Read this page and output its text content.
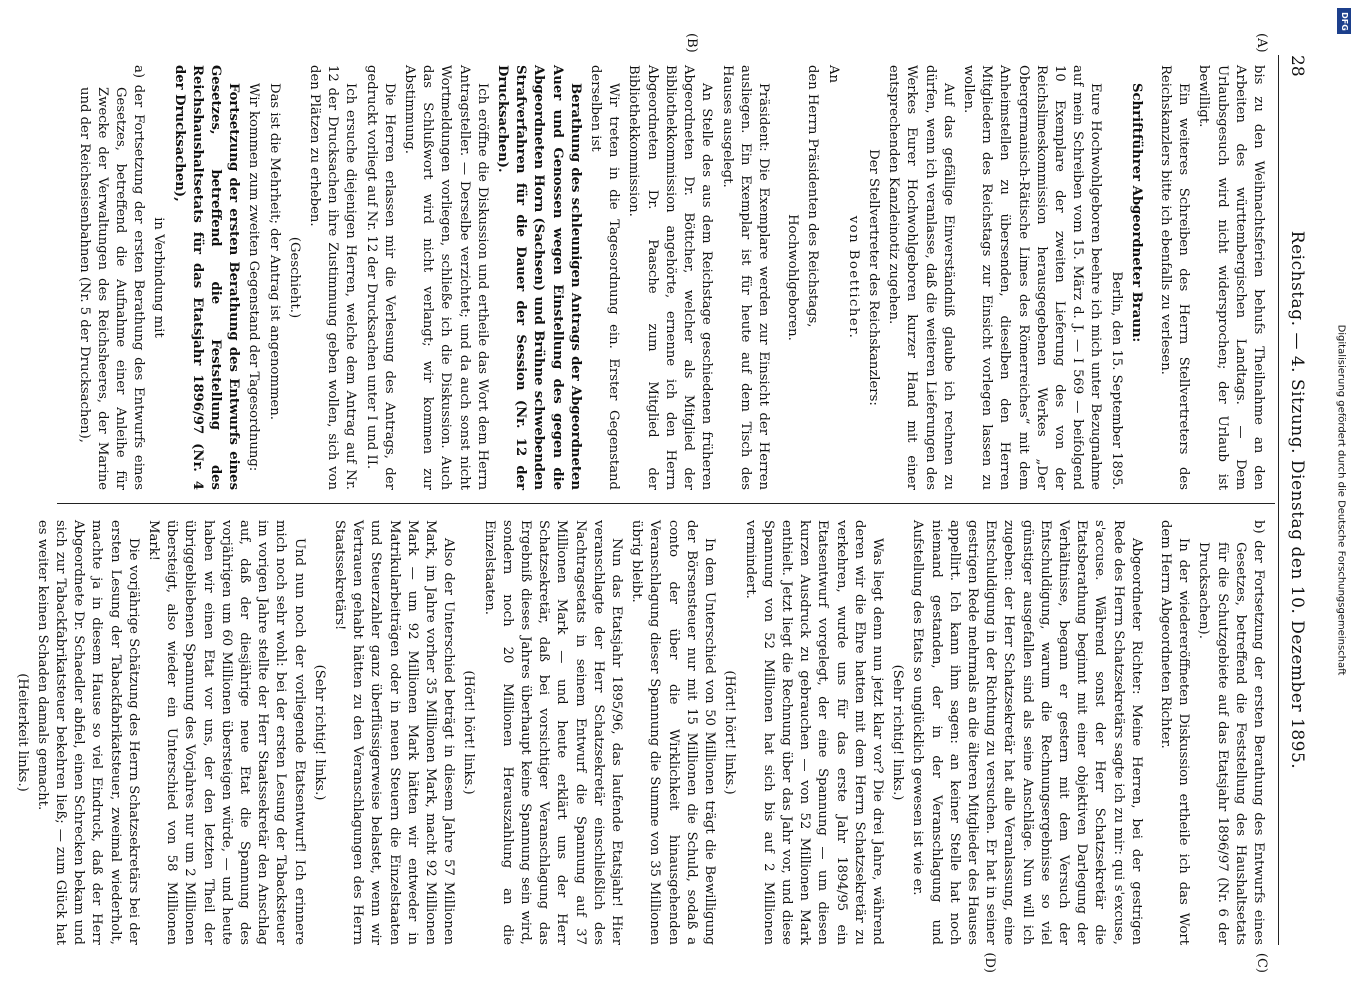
28
Reichstag. — 4. Sitzung. Dienstag den 10. Dezember 1895.
(A)
(B)
(C)
(D)

bis zu den Weihnachtsferien behufs Theilnahme an den Arbeiten des württembergischen Landtags. — Dem Urlaubsgesuch wird nicht widersprochen; der Urlaub ist bewilligt.

Ein weiteres Schreiben des Herrn Stellvertreters des Reichskanzlers bitte ich ebenfalls zu verlesen.

Schriftführer Abgeordneter Braun:

Berlin, den 15. September 1895.

Eure Hochwohlgeboren beehre ich mich unter Bezugnahme auf mein Schreiben vom 15. März d. J. — I 569 — beifolgend 10 Exemplare der zweiten Lieferung des von der Reichslimeskommission herausgegebenen Werkes „Der Obergermanisch-Rätische Limes des Römerreiches“ mit dem Anheimstellen zu übersenden, dieselben den Herren Mitgliedern des Reichstags zur Einsicht vorlegen lassen zu wollen.

Auf das gefällige Einverständniß glaube ich rechnen zu dürfen, wenn ich veranlasse, daß die weiteren Lieferungen des Werkes Eurer Hochwohlgeboren kurzer Hand mit einer entsprechenden Kanzleinotiz zugehen.

Der Stellvertreter des Reichskanzlers:

von Boetticher.

An

den Herrn Präsidenten des Reichstags,

Hochwohlgeboren.

Präsident: Die Exemplare werden zur Einsicht der Herren ausliegen. Ein Exemplar ist für heute auf dem Tisch des Hauses ausgelegt.

An Stelle des aus dem Reichstage geschiedenen früheren Abgeordneten Dr. Böttcher, welcher als Mitglied der Bibliothekkommission angehörte, ernenne ich den Herrn Abgeordneten Dr. Paasche zum Mitglied der Bibliothekkommission.

Wir treten in die Tagesordnung ein. Erster Gegenstand derselben ist

Berathung des schleunigen Antrags der Abgeordneten Auer und Genossen wegen Einstellung des gegen die Abgeordneten Horn (Sachsen) und Brühne schwebenden Strafverfahren für die Dauer der Session (Nr. 12 der Drucksachen).

Ich eröffne die Diskussion und ertheile das Wort dem Herrn Antragsteller. — Derselbe verzichtet; und da auch sonst nicht Wortmeldungen vorliegen, schließe ich die Diskussion. Auch das Schlußwort wird nicht verlangt; wir kommen zur Abstimmung.

Die Herren erlassen mir die Verlesung des Antrags, der gedruckt vorliegt auf Nr. 12 der Drucksachen unter I und II.

Ich ersuche diejenigen Herren, welche dem Antrag auf Nr. 12 der Drucksachen ihre Zustimmung geben wollen, sich von den Plätzen zu erheben.

(Geschieht.)

Das ist die Mehrheit; der Antrag ist angenommen.

Wir kommen zum zweiten Gegenstand der Tagesordnung:

Fortsetzung der ersten Berathung des Entwurfs eines Gesetzes, betreffend die Feststellung des Reichshaushaltsetats für das Etatsjahr 1896/97 (Nr. 4 der Drucksachen),

in Verbindung mit

a) der Fortsetzung der ersten Berathung des Entwurfs eines Gesetzes, betreffend die Aufnahme einer Anleihe für Zwecke der Verwaltungen des Reichsheeres, der Marine und der Reichseisenbahnen (Nr. 5 der Drucksachen),

b) der Fortsetzung der ersten Berathung des Entwurfs eines Gesetzes, betreffend die Feststellung des Haushaltsetats für die Schutzgebiete auf das Etatsjahr 1896/97 (Nr. 6 der Drucksachen).

In der wiedereröffneten Diskussion ertheile ich das Wort dem Herrn Abgeordneten Richter.

Abgeordneter Richter: Meine Herren, bei der gestrigen Rede des Herrn Schatzsekretärs sagte ich zu mir: qui s'excuse, s'accuse. Während sonst der Herr Schatzsekretär die Etatsberathung beginnt mit einer objektiven Darlegung der Verhältnisse, begann er gestern mit dem Versuch der Entschuldigung, warum die Rechnungsergebnisse so viel günstiger ausgefallen sind als seine Anschläge. Nun will ich zugeben: der Herr Schatzsekretär hat alle Veranlassung, eine Entschuldigung in der Richtung zu versuchen. Er hat in seiner gestrigen Rede mehrmals an die älteren Mitglieder des Hauses appellirt. Ich kann ihm sagen: an keiner Stelle hat noch niemand gestanden, der in der Veranschlagung und Aufstellung des Etats so unglücklich gewesen ist wie er.

(Sehr richtig! links.)

Was liegt denn nun jetzt klar vor? Die drei Jahre, während deren wir die Ehre hatten mit dem Herrn Schatzsekretär zu verkehren, wurde uns für das erste Jahr 1894/95 ein Etatsentwurf vorgelegt, der eine Spannung — um diesen kurzen Ausdruck zu gebrauchen — von 52 Millionen Mark enthielt. Jetzt liegt die Rechnung über das Jahr vor, und diese Spannung von 52 Millionen hat sich bis auf 2 Millionen vermindert.

(Hört! hört! links.)

In dem Unterschied von 50 Millionen trägt die Bewilligung der Börsensteuer nur mit 15 Millionen die Schuld, sodaß a conto der über die Wirklichkeit hinausgehenden Veranschlagung dieser Spannung die Summe von 35 Millionen übrig bleibt.

Nun das Etatsjahr 1895/96, das laufende Etatsjahr! Hier veranschlagte der Herr Schatzsekretär einschließlich des Nachtragsetats in seinem Entwurf die Spannung auf 37 Millionen Mark — und heute erklärt uns der Herr Schatzsekretär, daß bei vorsichtiger Veranschlagung das Ergebniß dieses Jahres überhaupt keine Spannung sein wird, sondern noch 20 Millionen Herauszahlung an die Einzelstaaten.

(Hört! hört! links.)

Also der Unterschied beträgt in diesem Jahre 57 Millionen Mark, im Jahre vorher 35 Millionen Mark, macht 92 Millionen Mark — um 92 Millionen Mark hätten wir entweder in Matrikularbeiträgen oder in neuen Steuern die Einzelstaaten und Steuerzahler ganz überflüssigerweise belastet, wenn wir Vertrauen gehabt hätten zu den Veranschlagungen des Herrn Staatssekretärs!

(Sehr richtig! links.)

Und nun noch der vorliegende Etatsentwurf! Ich erinnere mich noch sehr wohl: bei der ersten Lesung der Tabacksteuer im vorigen Jahre stellte der Herr Staatssekretär den Anschlag auf, daß der diesjährige neue Etat die Spannung des vorjährigen um 60 Millionen übersteigen würde, — und heute haben wir einen Etat vor uns, der den letzten Theil der übriggebliebenen Spannung des Vorjahres nur um 2 Millionen übersteigt, also wieder ein Unterschied von 58 Millionen Mark!

Die vorjährige Schätzung des Herrn Schatzsekretärs bei der ersten Lesung der Tabackfabrikatsteuer, zweimal wiederholt, machte ja in diesem Hause so viel Eindruck, daß der Herr Abgeordnete Dr. Schaedler abfiel, einen Schrecken bekam und sich zur Tabackfabrikatsteuer bekehren ließ; — zum Glück hat es weiter keinen Schaden damals gemacht.

(Heiterkeit links.)

Digitalisierung gefördert durch die Deutsche Forschungsgemeinschaft
DFG
